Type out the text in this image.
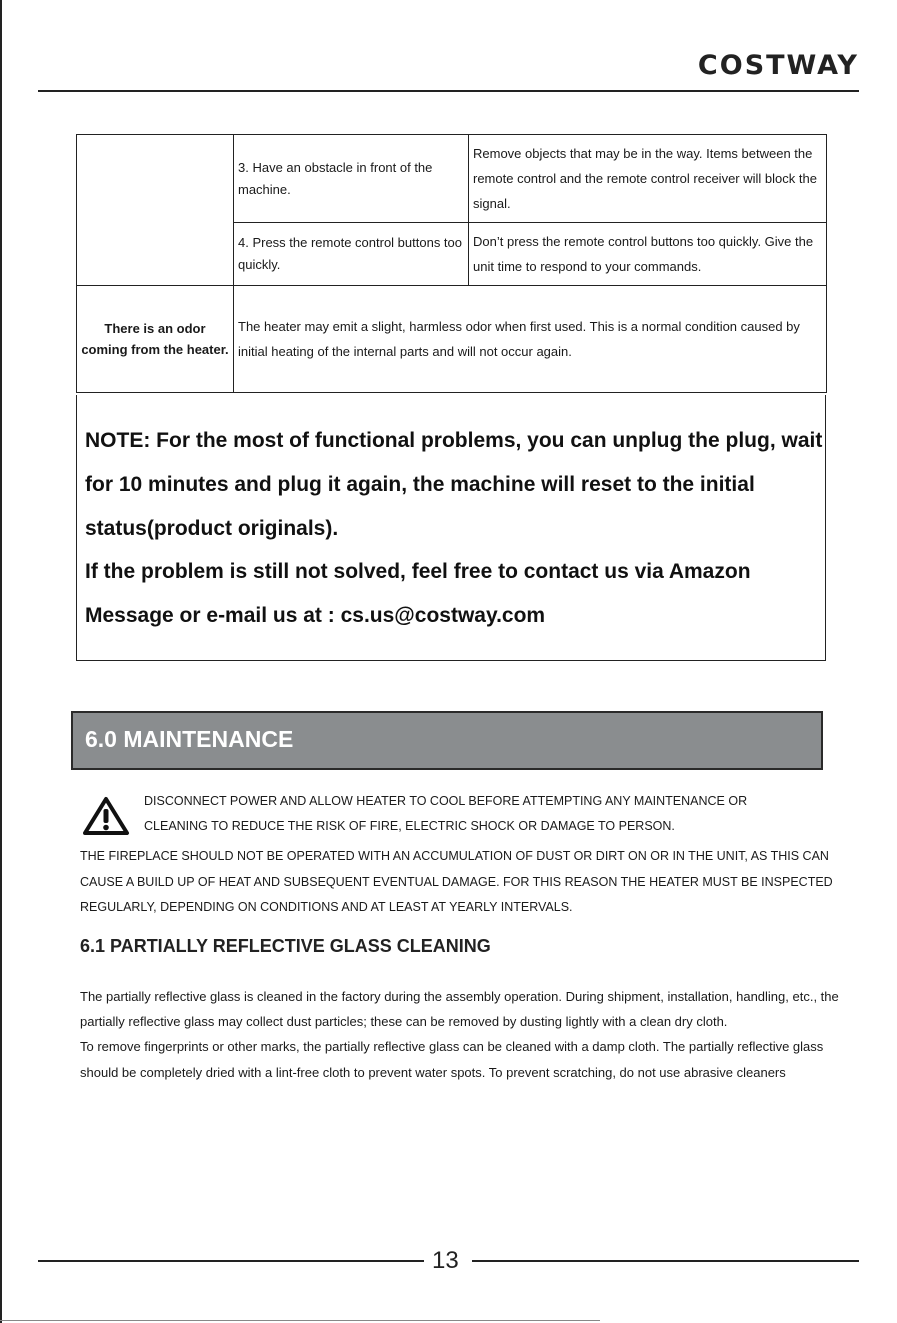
COSTWAY
	3. Have an obstacle in front of the machine.	Remove objects that may be in the way. Items between the remote control and the remote control receiver will block the signal.
	4. Press the remote control buttons too quickly.	Don’t press the remote control buttons too quickly. Give the unit time to respond to your commands.
There is an odor coming from the heater.	The heater may emit a slight, harmless odor when first used. This is a normal condition caused by initial heating of the internal parts and will not occur again.	
NOTE: For the most of functional problems, you can unplug the plug, wait for 10 minutes and plug it again, the machine will reset to the initial status(product originals).
If the problem is still not solved, feel free to contact us via Amazon Message or e-mail us at : cs.us@costway.com
6.0 MAINTENANCE
DISCONNECT POWER AND ALLOW HEATER TO COOL BEFORE ATTEMPTING ANY MAINTENANCE OR
CLEANING TO REDUCE THE RISK OF FIRE, ELECTRIC SHOCK OR DAMAGE TO PERSON.
THE FIREPLACE SHOULD NOT BE OPERATED WITH AN ACCUMULATION OF DUST OR DIRT ON OR IN THE UNIT, AS THIS CAN CAUSE A BUILD UP OF HEAT AND SUBSEQUENT EVENTUAL DAMAGE. FOR THIS REASON THE HEATER MUST BE INSPECTED REGULARLY, DEPENDING ON CONDITIONS AND AT LEAST AT YEARLY INTERVALS.
6.1 PARTIALLY REFLECTIVE GLASS CLEANING
The partially reflective glass is cleaned in the factory during the assembly operation. During shipment, installation, handling, etc., the partially reflective glass may collect dust particles; these can be removed by dusting lightly with a clean dry cloth.
To remove fingerprints or other marks, the partially reflective glass can be cleaned with a damp cloth. The partially reflective glass should be completely dried with a lint-free cloth to prevent water spots. To prevent scratching, do not use abrasive cleaners
13
